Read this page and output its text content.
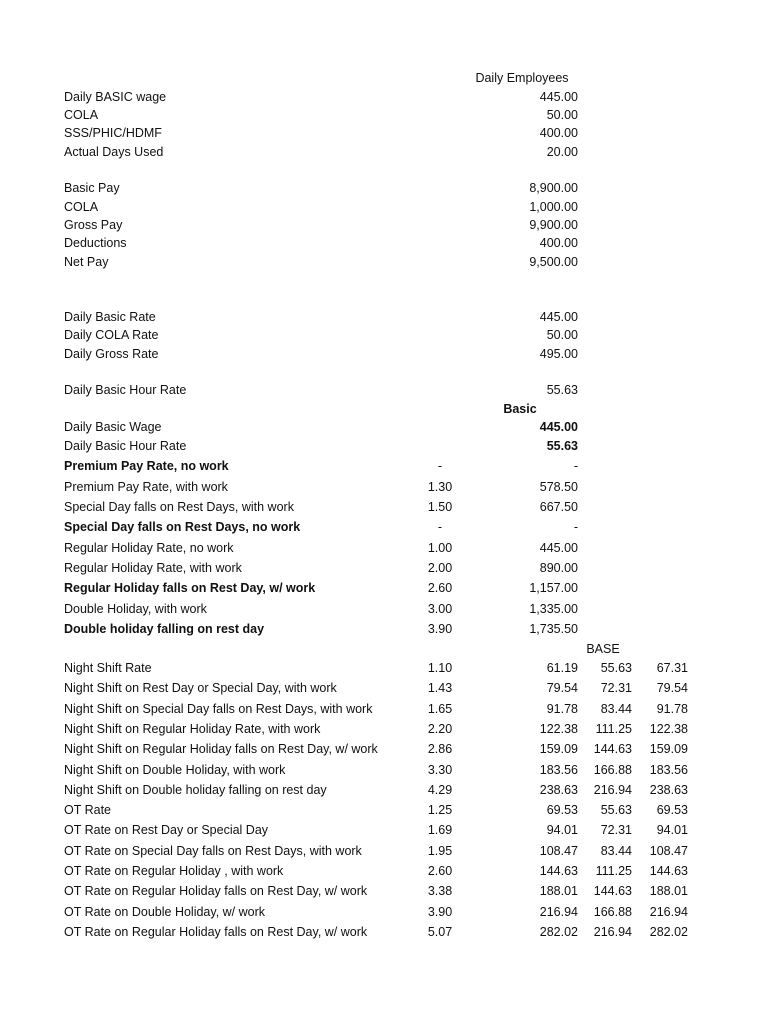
Daily Employees
Daily BASIC wage	445.00
COLA	50.00
SSS/PHIC/HDMF	400.00
Actual Days Used	20.00
Basic Pay	8,900.00
COLA	1,000.00
Gross Pay	9,900.00
Deductions	400.00
Net Pay	9,500.00
Daily Basic Rate	445.00
Daily COLA Rate	50.00
Daily Gross Rate	495.00
Daily Basic Hour Rate	55.63
Basic
Daily Basic Wage	445.00
Daily Basic Hour Rate	55.63
Premium Pay Rate, no work	-	-
Premium Pay Rate, with work	1.30	578.50
Special Day falls on Rest Days, with work	1.50	667.50
Special Day falls on Rest Days, no work	-	-
Regular Holiday Rate, no work	1.00	445.00
Regular Holiday Rate, with work	2.00	890.00
Regular Holiday falls on Rest Day, w/ work	2.60	1,157.00
Double Holiday, with work	3.00	1,335.00
Double holiday falling on rest day	3.90	1,735.50
BASE
Night Shift Rate	1.10	61.19	55.63	67.31
Night Shift on Rest Day or Special Day, with work	1.43	79.54	72.31	79.54
Night Shift on Special Day falls on Rest Days, with work	1.65	91.78	83.44	91.78
Night Shift on Regular Holiday Rate, with work	2.20	122.38	111.25	122.38
Night Shift on Regular Holiday falls on Rest Day, w/ work	2.86	159.09	144.63	159.09
Night Shift on Double Holiday, with work	3.30	183.56	166.88	183.56
Night Shift on Double holiday falling on rest day	4.29	238.63	216.94	238.63
OT Rate	1.25	69.53	55.63	69.53
OT Rate on Rest Day or Special Day	1.69	94.01	72.31	94.01
OT Rate on Special Day falls on Rest Days, with work	1.95	108.47	83.44	108.47
OT Rate on Regular Holiday , with work	2.60	144.63	111.25	144.63
OT Rate on Regular Holiday falls on Rest Day, w/ work	3.38	188.01	144.63	188.01
OT Rate on Double Holiday, w/ work	3.90	216.94	166.88	216.94
OT Rate on Regular Holiday falls on Rest Day, w/ work	5.07	282.02	216.94	282.02
